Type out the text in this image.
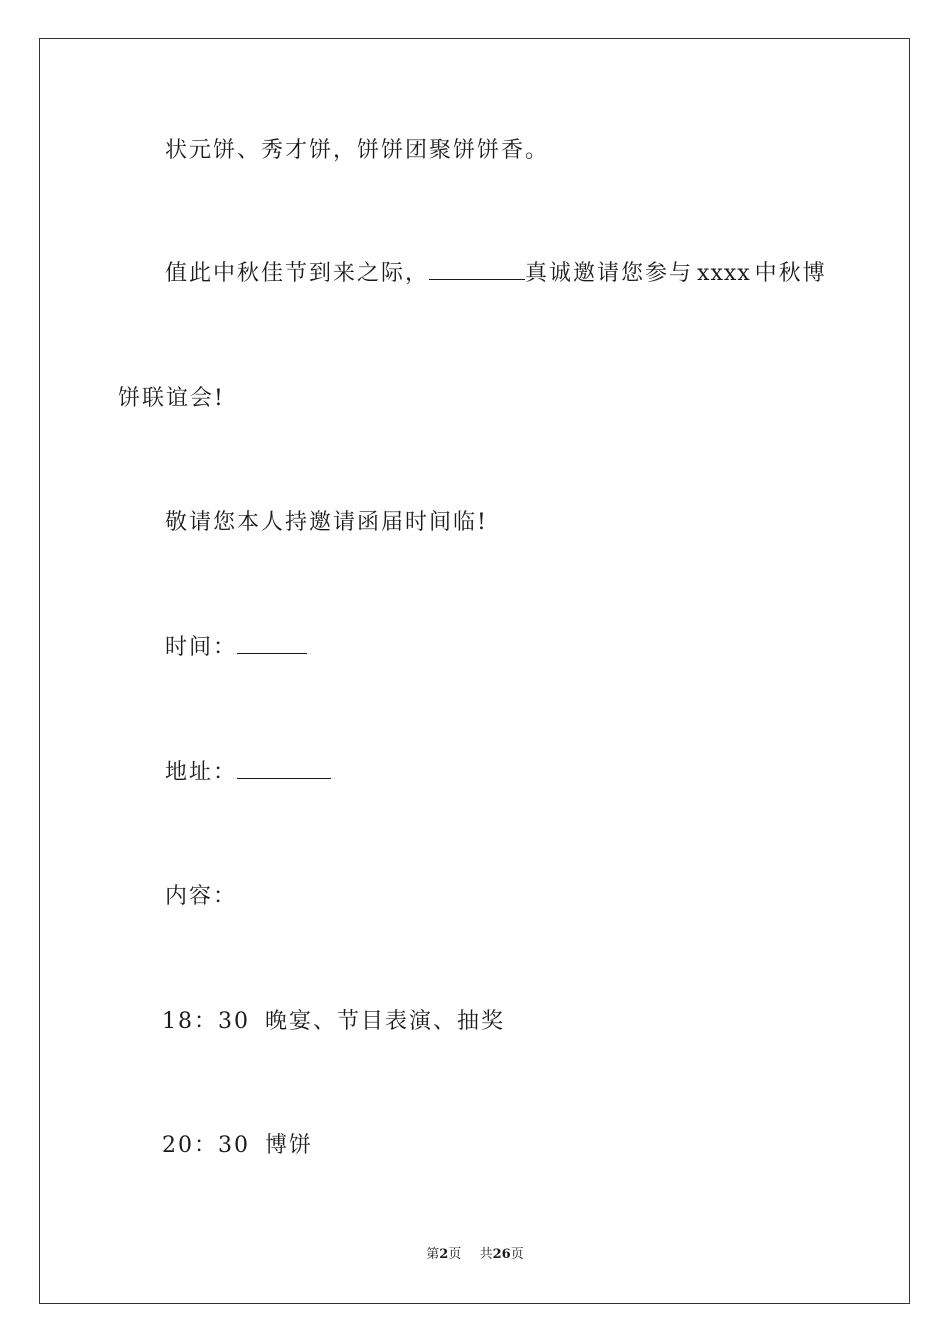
状元饼、秀才饼，饼饼团聚饼饼香。
值此中秋佳节到来之际，	真诚邀请您参与 xxxx 中秋博
饼联谊会!
敬请您本人持邀请函届时间临!
时间：
地址：
内容：
18：30 晚宴、节目表演、抽奖
20：30 博饼
第2页 共26页
